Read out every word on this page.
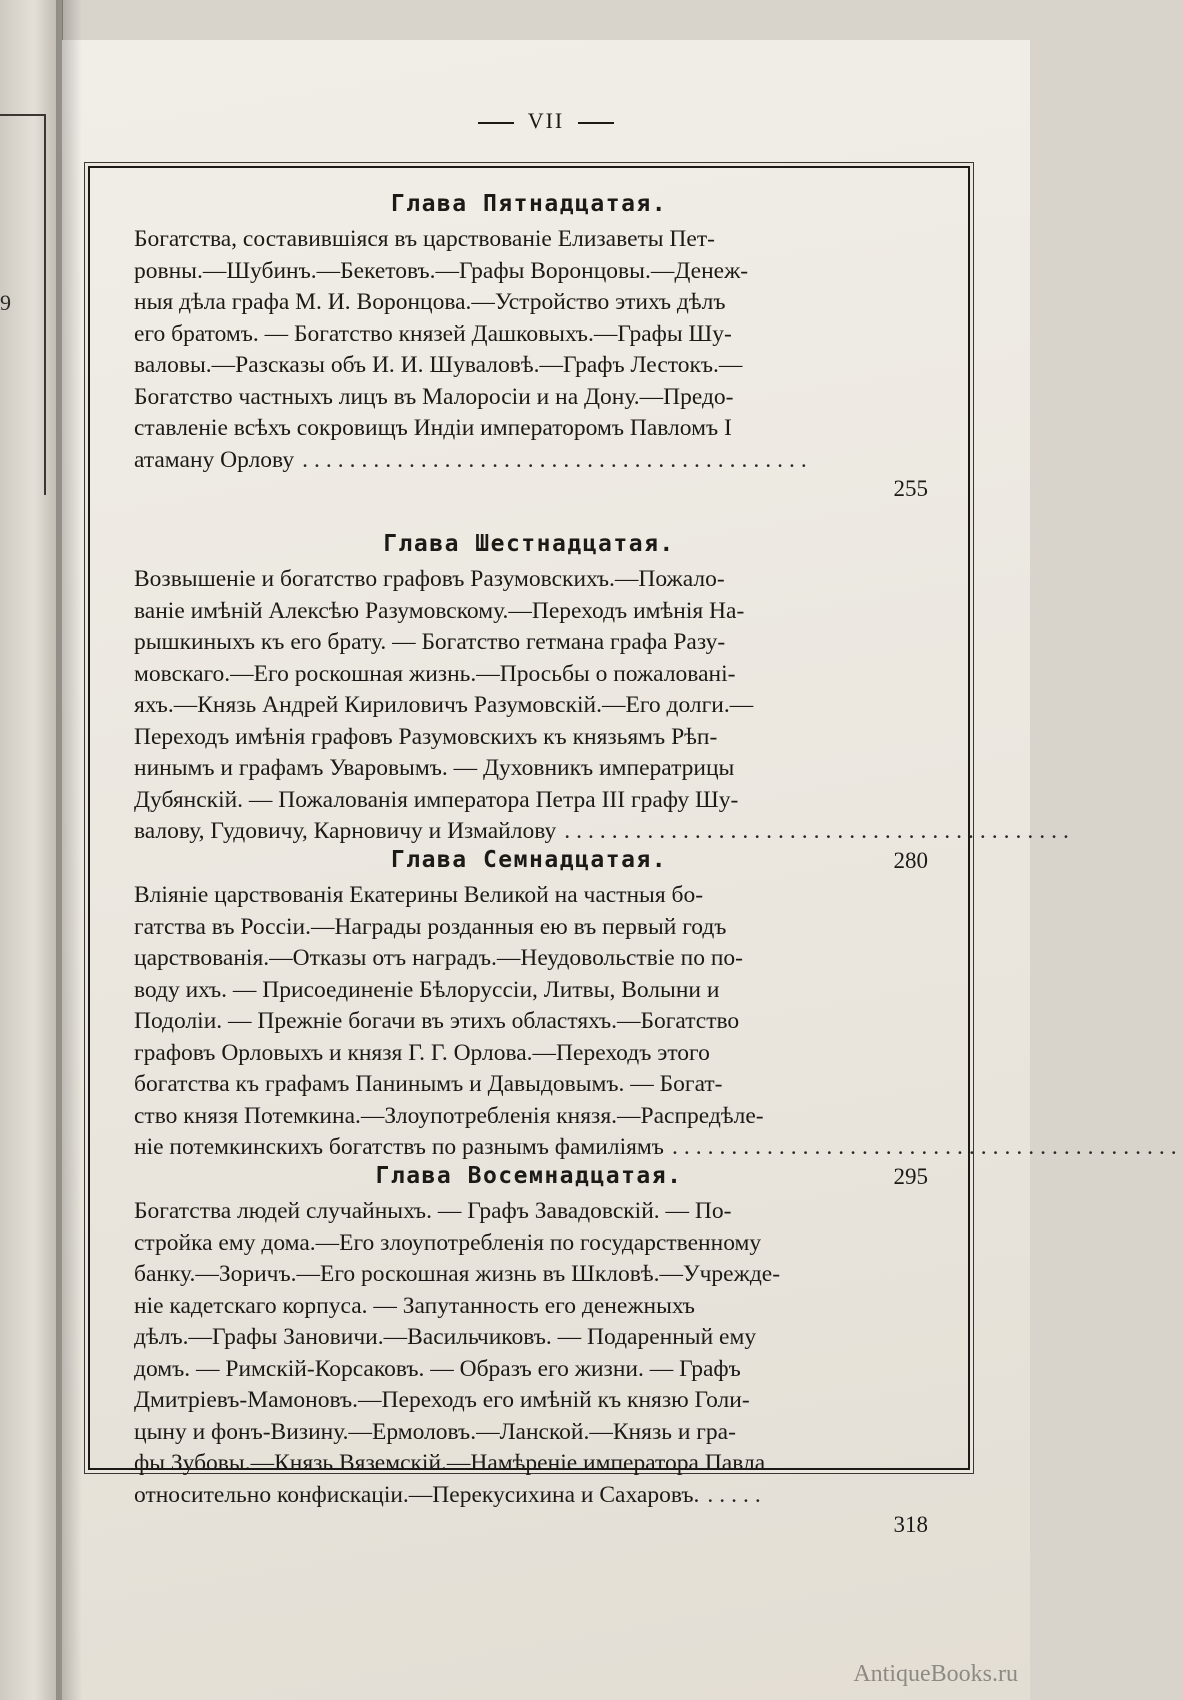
9
VII
Глава Пятнадцатая.
Богатства, составившіяся въ царствованіе Елизаветы Пет-
ровны.—Шубинъ.—Бекетовъ.—Графы Воронцовы.—Денеж-
ныя дѣла графа М. И. Воронцова.—Устройство этихъ дѣлъ
его братомъ. — Богатство князей Дашковыхъ.—Графы Шу-
валовы.—Разсказы объ И. И. Шуваловѣ.—Графъ Лестокъ.—
Богатство частныхъ лицъ въ Малоросіи и на Дону.—Предо-
ставленіе всѣхъ сокровищъ Индіи императоромъ Павломъ I
атаману Орлову ...........................................
255
Глава Шестнадцатая.
Возвышеніе и богатство графовъ Разумовскихъ.—Пожало-
ваніе имѣній Алексѣю Разумовскому.—Переходъ имѣнія На-
рышкиныхъ къ его брату. — Богатство гетмана графа Разу-
мовскаго.—Его роскошная жизнь.—Просьбы о пожалованi-
яхъ.—Князь Андрей Кириловичъ Разумовскій.—Его долги.—
Переходъ имѣнія графовъ Разумовскихъ къ князьямъ Рѣп-
нинымъ и графамъ Уваровымъ. — Духовникъ императрицы
Дубянскій. — Пожалованія императора Петра III графу Шу-
валову, Гудовичу, Карновичу и Измайлову ...........................................
280
Глава Семнадцатая.
Вліяніе царствованія Екатерины Великой на частныя бо-
гатства въ Россіи.—Награды розданныя ею въ первый годъ
царствованія.—Отказы отъ наградъ.—Неудовольствіе по по-
воду ихъ. — Присоединеніе Бѣлоруссіи, Литвы, Волыни и
Подоліи. — Прежніе богачи въ этихъ областяхъ.—Богатство
графовъ Орловыхъ и князя Г. Г. Орлова.—Переходъ этого
богатства къ графамъ Панинымъ и Давыдовымъ. — Богат-
ство князя Потемкина.—Злоупотребленія князя.—Распредѣле-
ніе потемкинскихъ богатствъ по разнымъ фамиліямъ ...........................................
295
Глава Восемнадцатая.
Богатства людей случайныхъ. — Графъ Завадовскій. — По-
стройка ему дома.—Его злоупотребленія по государственному
банку.—Зоричъ.—Его роскошная жизнь въ Шкловѣ.—Учрежде-
ніе кадетскаго корпуса. — Запутанность его денежныхъ
дѣлъ.—Графы Зановичи.—Васильчиковъ. — Подаренный ему
домъ. — Римскій-Корсаковъ. — Образъ его жизни. — Графъ
Дмитріевъ-Мамоновъ.—Переходъ его имѣній къ князю Голи-
цыну и фонъ-Визину.—Ермоловъ.—Ланской.—Князь и гра-
фы Зубовы.—Князь Вяземскій.—Намѣреніе императора Павла
относительно конфискаціи.—Перекусихина и Сахаровъ. .....
318
AntiqueBooks.ru
